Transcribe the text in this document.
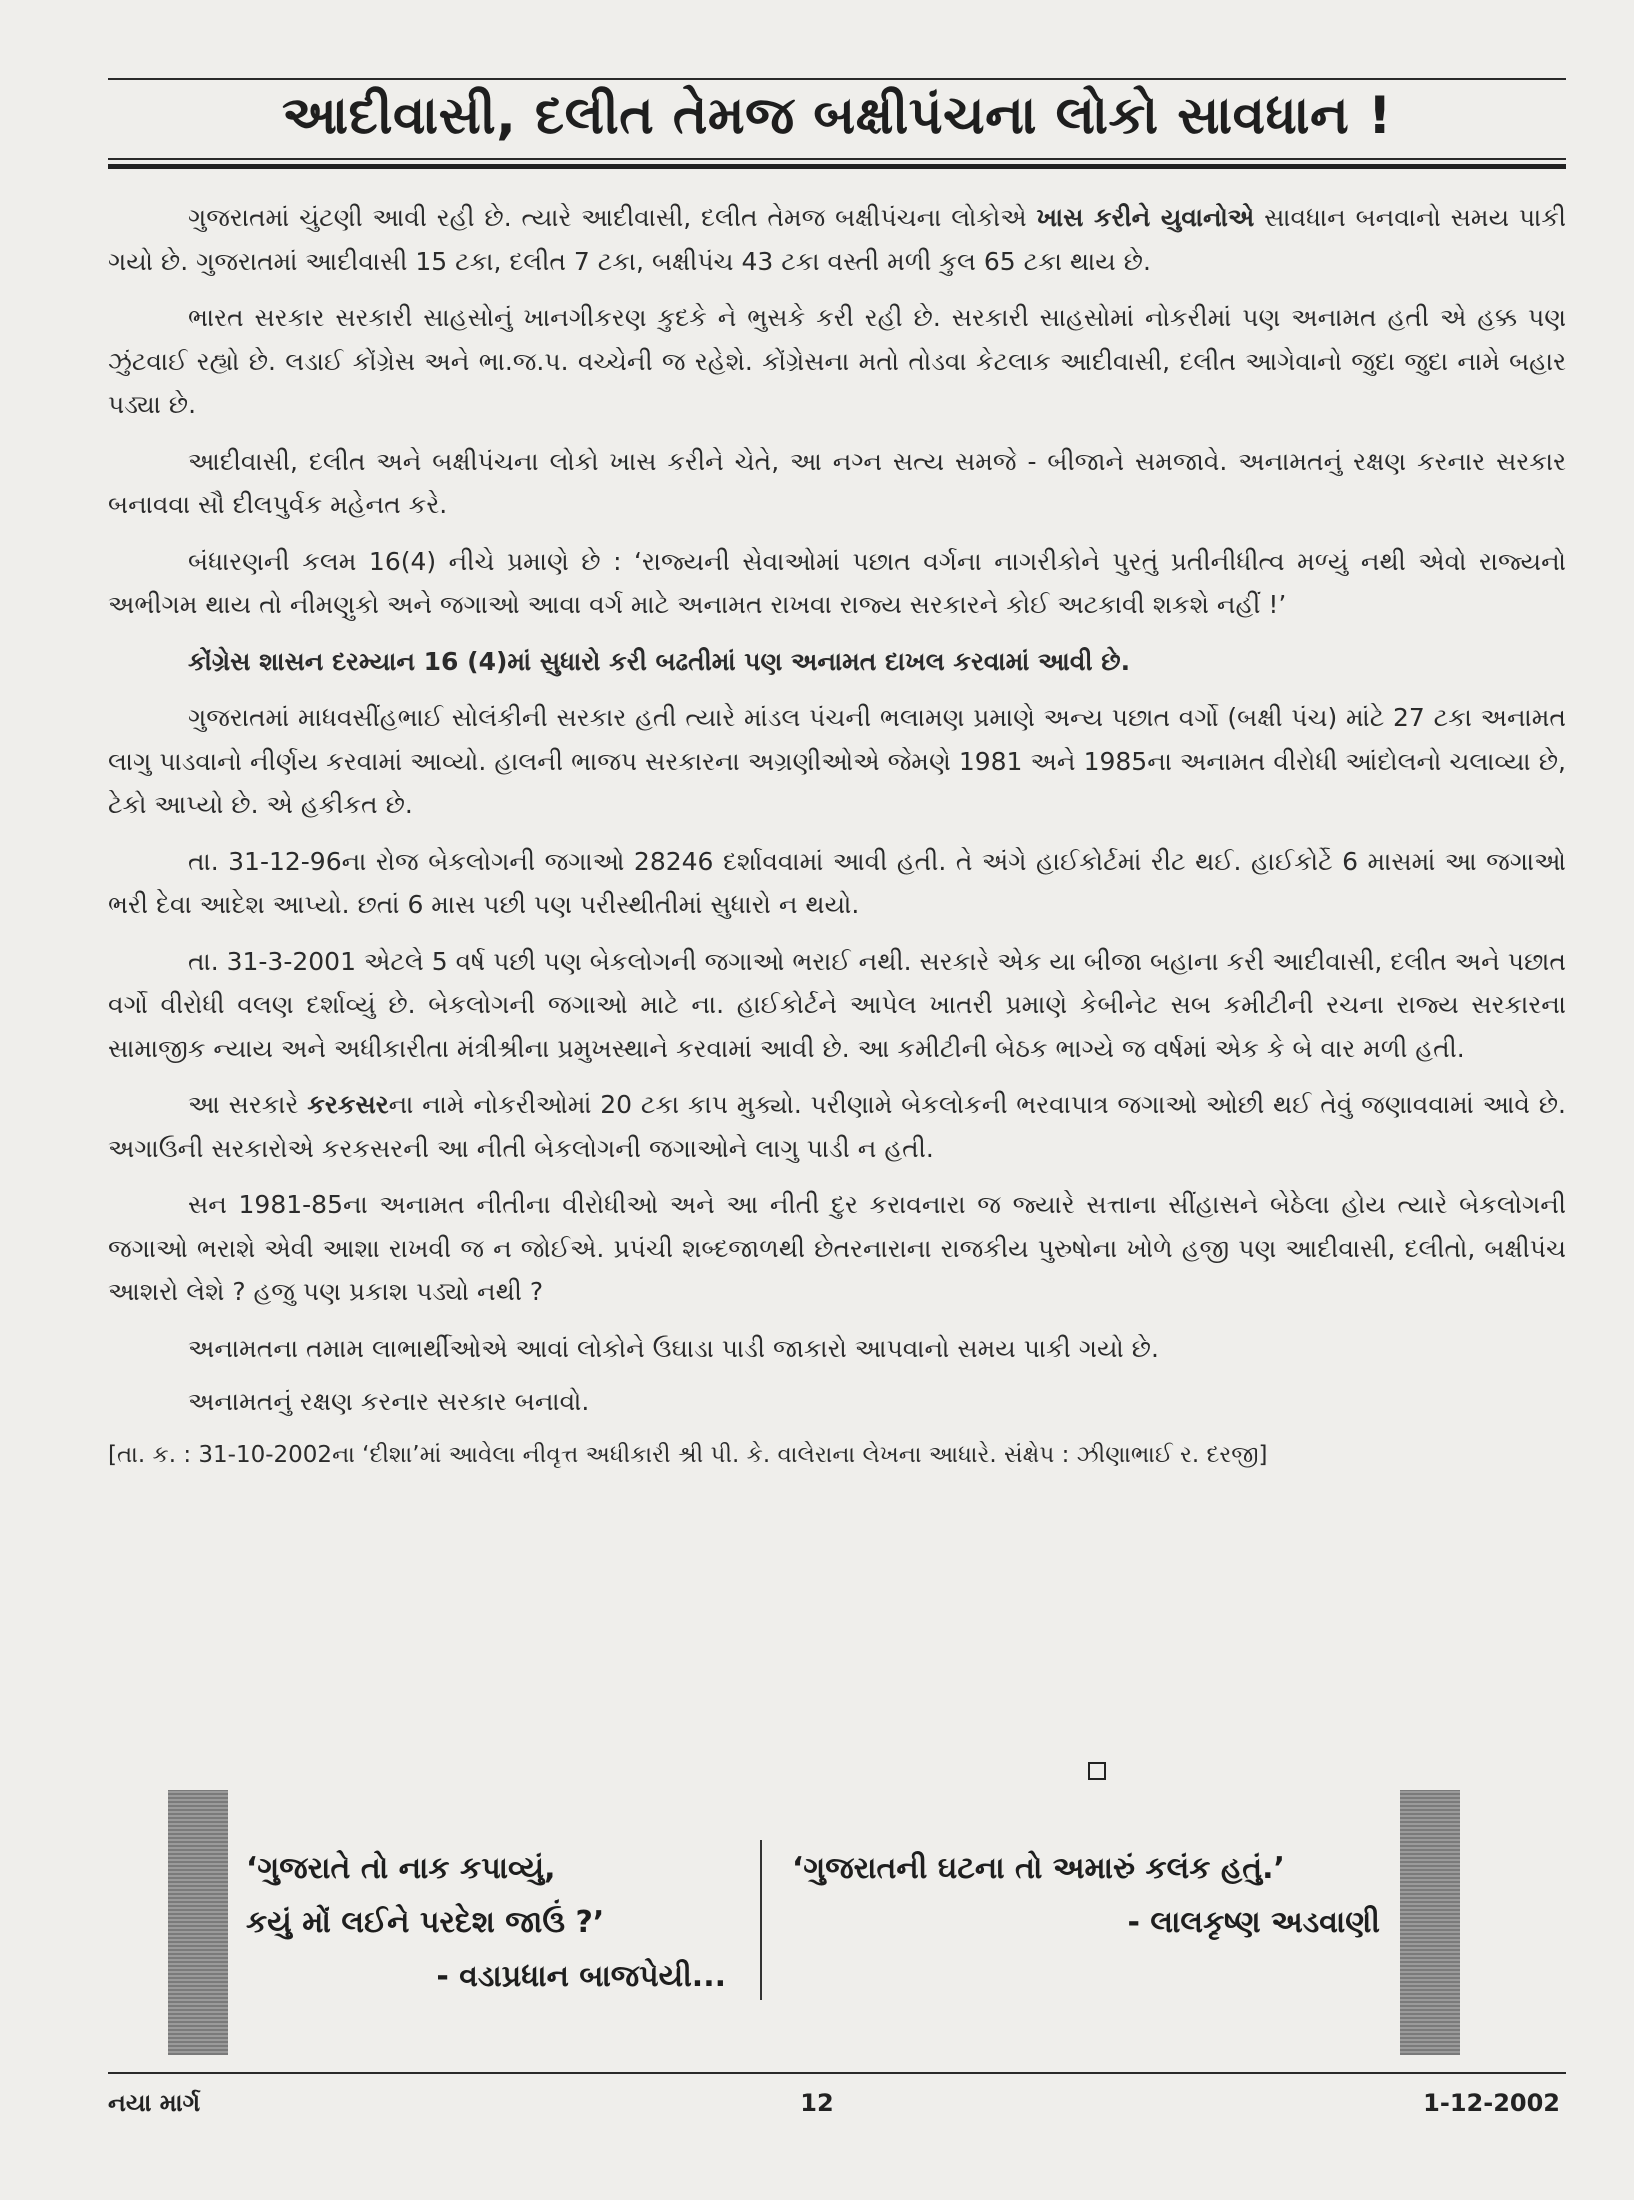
આદીવાસી, દલીત તેમજ બક્ષીપંચના લોકો સાવધાન !

ગુજરાતમાં ચુંટણી આવી રહી છે. ત્યારે આદીવાસી, દલીત તેમજ બક્ષીપંચના લોકોએ ખાસ કરીને યુવાનોએ સાવધાન બનવાનો સમય પાકી ગયો છે. ગુજરાતમાં આદીવાસી 15 ટકા, દલીત 7 ટકા, બક્ષીપંચ 43 ટકા વસ્તી મળી કુલ 65 ટકા થાય છે.

ભારત સરકાર સરકારી સાહસોનું ખાનગીકરણ કુદકે ને ભુસકે કરી રહી છે. સરકારી સાહસોમાં નોકરીમાં પણ અનામત હતી એ હક્ક પણ ઝુંટવાઈ રહ્યો છે. લડાઈ કોંગ્રેસ અને ભા.જ.પ. વચ્ચેની જ રહેશે. કોંગ્રેસના મતો તોડવા કેટલાક આદીવાસી, દલીત આગેવાનો જુદા જુદા નામે બહાર પડ્યા છે.

આદીવાસી, દલીત અને બક્ષીપંચના લોકો ખાસ કરીને ચેતે, આ નગ્ન સત્ય સમજે - બીજાને સમજાવે. અનામતનું રક્ષણ કરનાર સરકાર બનાવવા સૌ દીલપુર્વક મહેનત કરે.

બંધારણની કલમ 16(4) નીચે પ્રમાણે છે : ‘રાજ્યની સેવાઓમાં પછાત વર્ગના નાગરીકોને પુરતું પ્રતીનીધીત્વ મળ્યું નથી એવો રાજ્યનો અભીગમ થાય તો નીમણુકો અને જગાઓ આવા વર્ગ માટે અનામત રાખવા રાજ્ય સરકારને કોઈ અટકાવી શકશે નહીં !’

કોંગ્રેસ શાસન દરમ્યાન 16 (4)માં સુધારો કરી બઢતીમાં પણ અનામત દાખલ કરવામાં આવી છે.

ગુજરાતમાં માધવસીંહભાઈ સોલંકીની સરકાર હતી ત્યારે માંડલ પંચની ભલામણ પ્રમાણે અન્ય પછાત વર્ગો (બક્ષી પંચ) માંટે 27 ટકા અનામત લાગુ પાડવાનો નીર્ણય કરવામાં આવ્યો. હાલની ભાજપ સરકારના અગ્રણીઓએ જેમણે 1981 અને 1985ના અનામત વીરોધી આંદોલનો ચલાવ્યા છે, ટેકો આપ્યો છે. એ હકીકત છે.

તા. 31-12-96ના રોજ બેકલોગની જગાઓ 28246 દર્શાવવામાં આવી હતી. તે અંગે હાઈકોર્ટમાં રીટ થઈ. હાઈકોર્ટે 6 માસમાં આ જગાઓ ભરી દેવા આદેશ આપ્યો. છતાં 6 માસ પછી પણ પરીસ્થીતીમાં સુધારો ન થયો.

તા. 31-3-2001 એટલે 5 વર્ષ પછી પણ બેકલોગની જગાઓ ભરાઈ નથી. સરકારે એક યા બીજા બહાના કરી આદીવાસી, દલીત અને પછાત વર્ગો વીરોધી વલણ દર્શાવ્યું છે. બેકલોગની જગાઓ માટે ના. હાઈકોર્ટને આપેલ ખાતરી પ્રમાણે કેબીનેટ સબ કમીટીની રચના રાજ્ય સરકારના સામાજીક ન્યાય અને અધીકારીતા મંત્રીશ્રીના પ્રમુખસ્થાને કરવામાં આવી છે. આ કમીટીની બેઠક ભાગ્યે જ વર્ષમાં એક કે બે વાર મળી હતી.

આ સરકારે કરકસરના નામે નોકરીઓમાં 20 ટકા કાપ મુક્યો. પરીણામે બેકલોકની ભરવાપાત્ર જગાઓ ઓછી થઈ તેવું જણાવવામાં આવે છે. અગાઉની સરકારોએ કરકસરની આ નીતી બેકલોગની જગાઓને લાગુ પાડી ન હતી.

સન 1981-85ના અનામત નીતીના વીરોધીઓ અને આ નીતી દુર કરાવનારા જ જ્યારે સત્તાના સીંહાસને બેઠેલા હોય ત્યારે બેકલોગની જગાઓ ભરાશે એવી આશા રાખવી જ ન જોઈએ. પ્રપંચી શબ્દજાળથી છેતરનારાના રાજકીય પુરુષોના ખોળે હજી પણ આદીવાસી, દલીતો, બક્ષીપંચ આશરો લેશે ? હજુ પણ પ્રકાશ પડ્યો નથી ?

અનામતના તમામ લાભાર્થીઓએ આવાં લોકોને ઉઘાડા પાડી જાકારો આપવાનો સમય પાકી ગયો છે.

અનામતનું રક્ષણ કરનાર સરકાર બનાવો.

[તા. ક. : 31-10-2002ના ‘દીશા’માં આવેલા નીવૃત્ત અધીકારી શ્રી પી. કે. વાલેરાના લેખના આધારે. સંક્ષેપ : ઝીણાભાઈ ર. દરજી]

‘ગુજરાતે તો નાક કપાવ્યું,
કયું મોં લઈને પરદેશ જાઉં ?’
- વડાપ્રધાન બાજપેયી...
‘ગુજરાતની ઘટના તો અમારું કલંક હતું.’
- લાલકૃષ્ણ અડવાણી
નયા માર્ગ	12	1-12-2002
